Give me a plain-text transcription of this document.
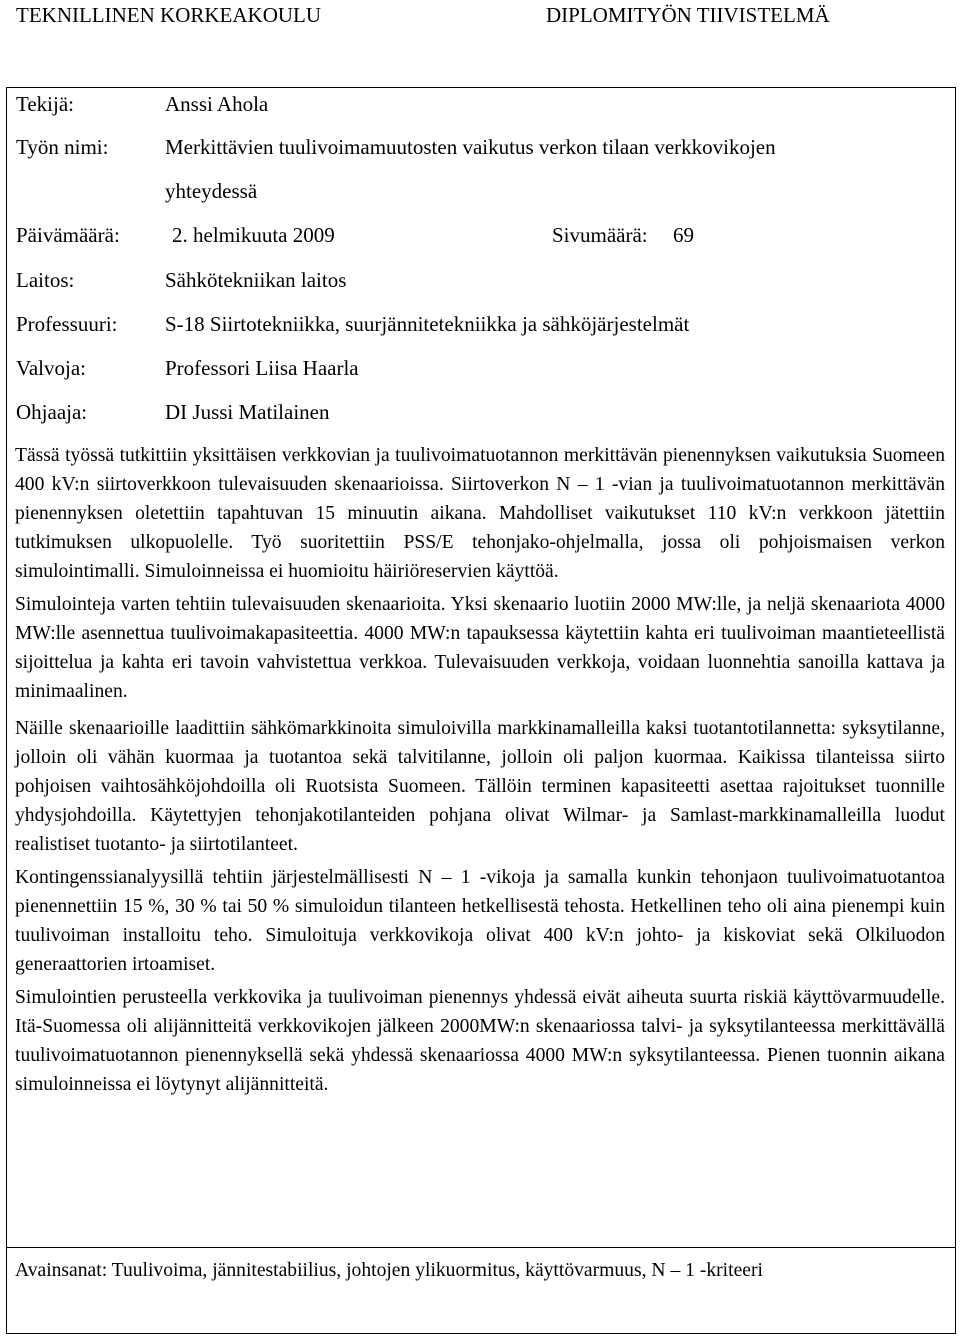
TEKNILLINEN KORKEAKOULU	DIPLOMITYÖN TIIVISTELMÄ
Tekijä:	Anssi Ahola
Työn nimi:	Merkittävien tuulivoimamuutosten vaikutus verkon tilaan verkkovikojen
yhteydessä
Päivämäärä: 2. helmikuuta 2009	Sivumäärä: 69
Laitos:	Sähkötekniikan laitos
Professuuri: S-18 Siirtotekniikka, suurjännitetekniikka ja sähköjärjestelmät
Valvoja:	Professori Liisa Haarla
Ohjaaja:	DI Jussi Matilainen

Tässä työssä tutkittiin yksittäisen verkkovian ja tuulivoimatuotannon merkittävän pienennyksen vaikutuksia Suomeen 400 kV:n siirtoverkkoon tulevaisuuden skenaarioissa. Siirtoverkon N – 1 -vian ja tuulivoimatuotannon merkittävän pienennyksen oletettiin tapahtuvan 15 minuutin aikana. Mahdolliset vaikutukset 110 kV:n verkkoon jätettiin tutkimuksen ulkopuolelle. Työ suoritettiin PSS/E tehonjako-ohjelmalla, jossa oli pohjoismaisen verkon simulointimalli. Simuloinneissa ei huomioitu häiriöreservien käyttöä.

Simulointeja varten tehtiin tulevaisuuden skenaarioita. Yksi skenaario luotiin 2000 MW:lle, ja neljä skenaariota 4000 MW:lle asennettua tuulivoimakapasiteettia. 4000 MW:n tapauksessa käytettiin kahta eri tuulivoiman maantieteellistä sijoittelua ja kahta eri tavoin vahvistettua verkkoa. Tulevaisuuden verkkoja, voidaan luonnehtia sanoilla kattava ja minimaalinen.

Näille skenaarioille laadittiin sähkömarkkinoita simuloivilla markkinamalleilla kaksi tuotantotilannetta: syksytilanne, jolloin oli vähän kuormaa ja tuotantoa sekä talvitilanne, jolloin oli paljon kuormaa. Kaikissa tilanteissa siirto pohjoisen vaihtosähköjohdoilla oli Ruotsista Suomeen. Tällöin terminen kapasiteetti asettaa rajoitukset tuonnille yhdysjohdoilla. Käytettyjen tehonjakotilanteiden pohjana olivat Wilmar- ja Samlast-markkinamalleilla luodut realistiset tuotanto- ja siirtotilanteet.

Kontingenssianalyysillä tehtiin järjestelmällisesti N – 1 -vikoja ja samalla kunkin tehonjaon tuulivoimatuotantoa pienennettiin 15 %, 30 % tai 50 % simuloidun tilanteen hetkellisestä tehosta. Hetkellinen teho oli aina pienempi kuin tuulivoiman installoitu teho. Simuloituja verkkovikoja olivat 400 kV:n johto- ja kiskoviat sekä Olkiluodon generaattorien irtoamiset.

Simulointien perusteella verkkovika ja tuulivoiman pienennys yhdessä eivät aiheuta suurta riskiä käyttövarmuudelle. Itä-Suomessa oli alijännitteitä verkkovikojen jälkeen 2000MW:n skenaariossa talvi- ja syksytilanteessa merkittävällä tuulivoimatuotannon pienennyksellä sekä yhdessä skenaariossa 4000 MW:n syksytilanteessa. Pienen tuonnin aikana simuloinneissa ei löytynyt alijännitteitä.

Avainsanat: Tuulivoima, jännitestabiilius, johtojen ylikuormitus, käyttövarmuus, N – 1 -kriteeri
